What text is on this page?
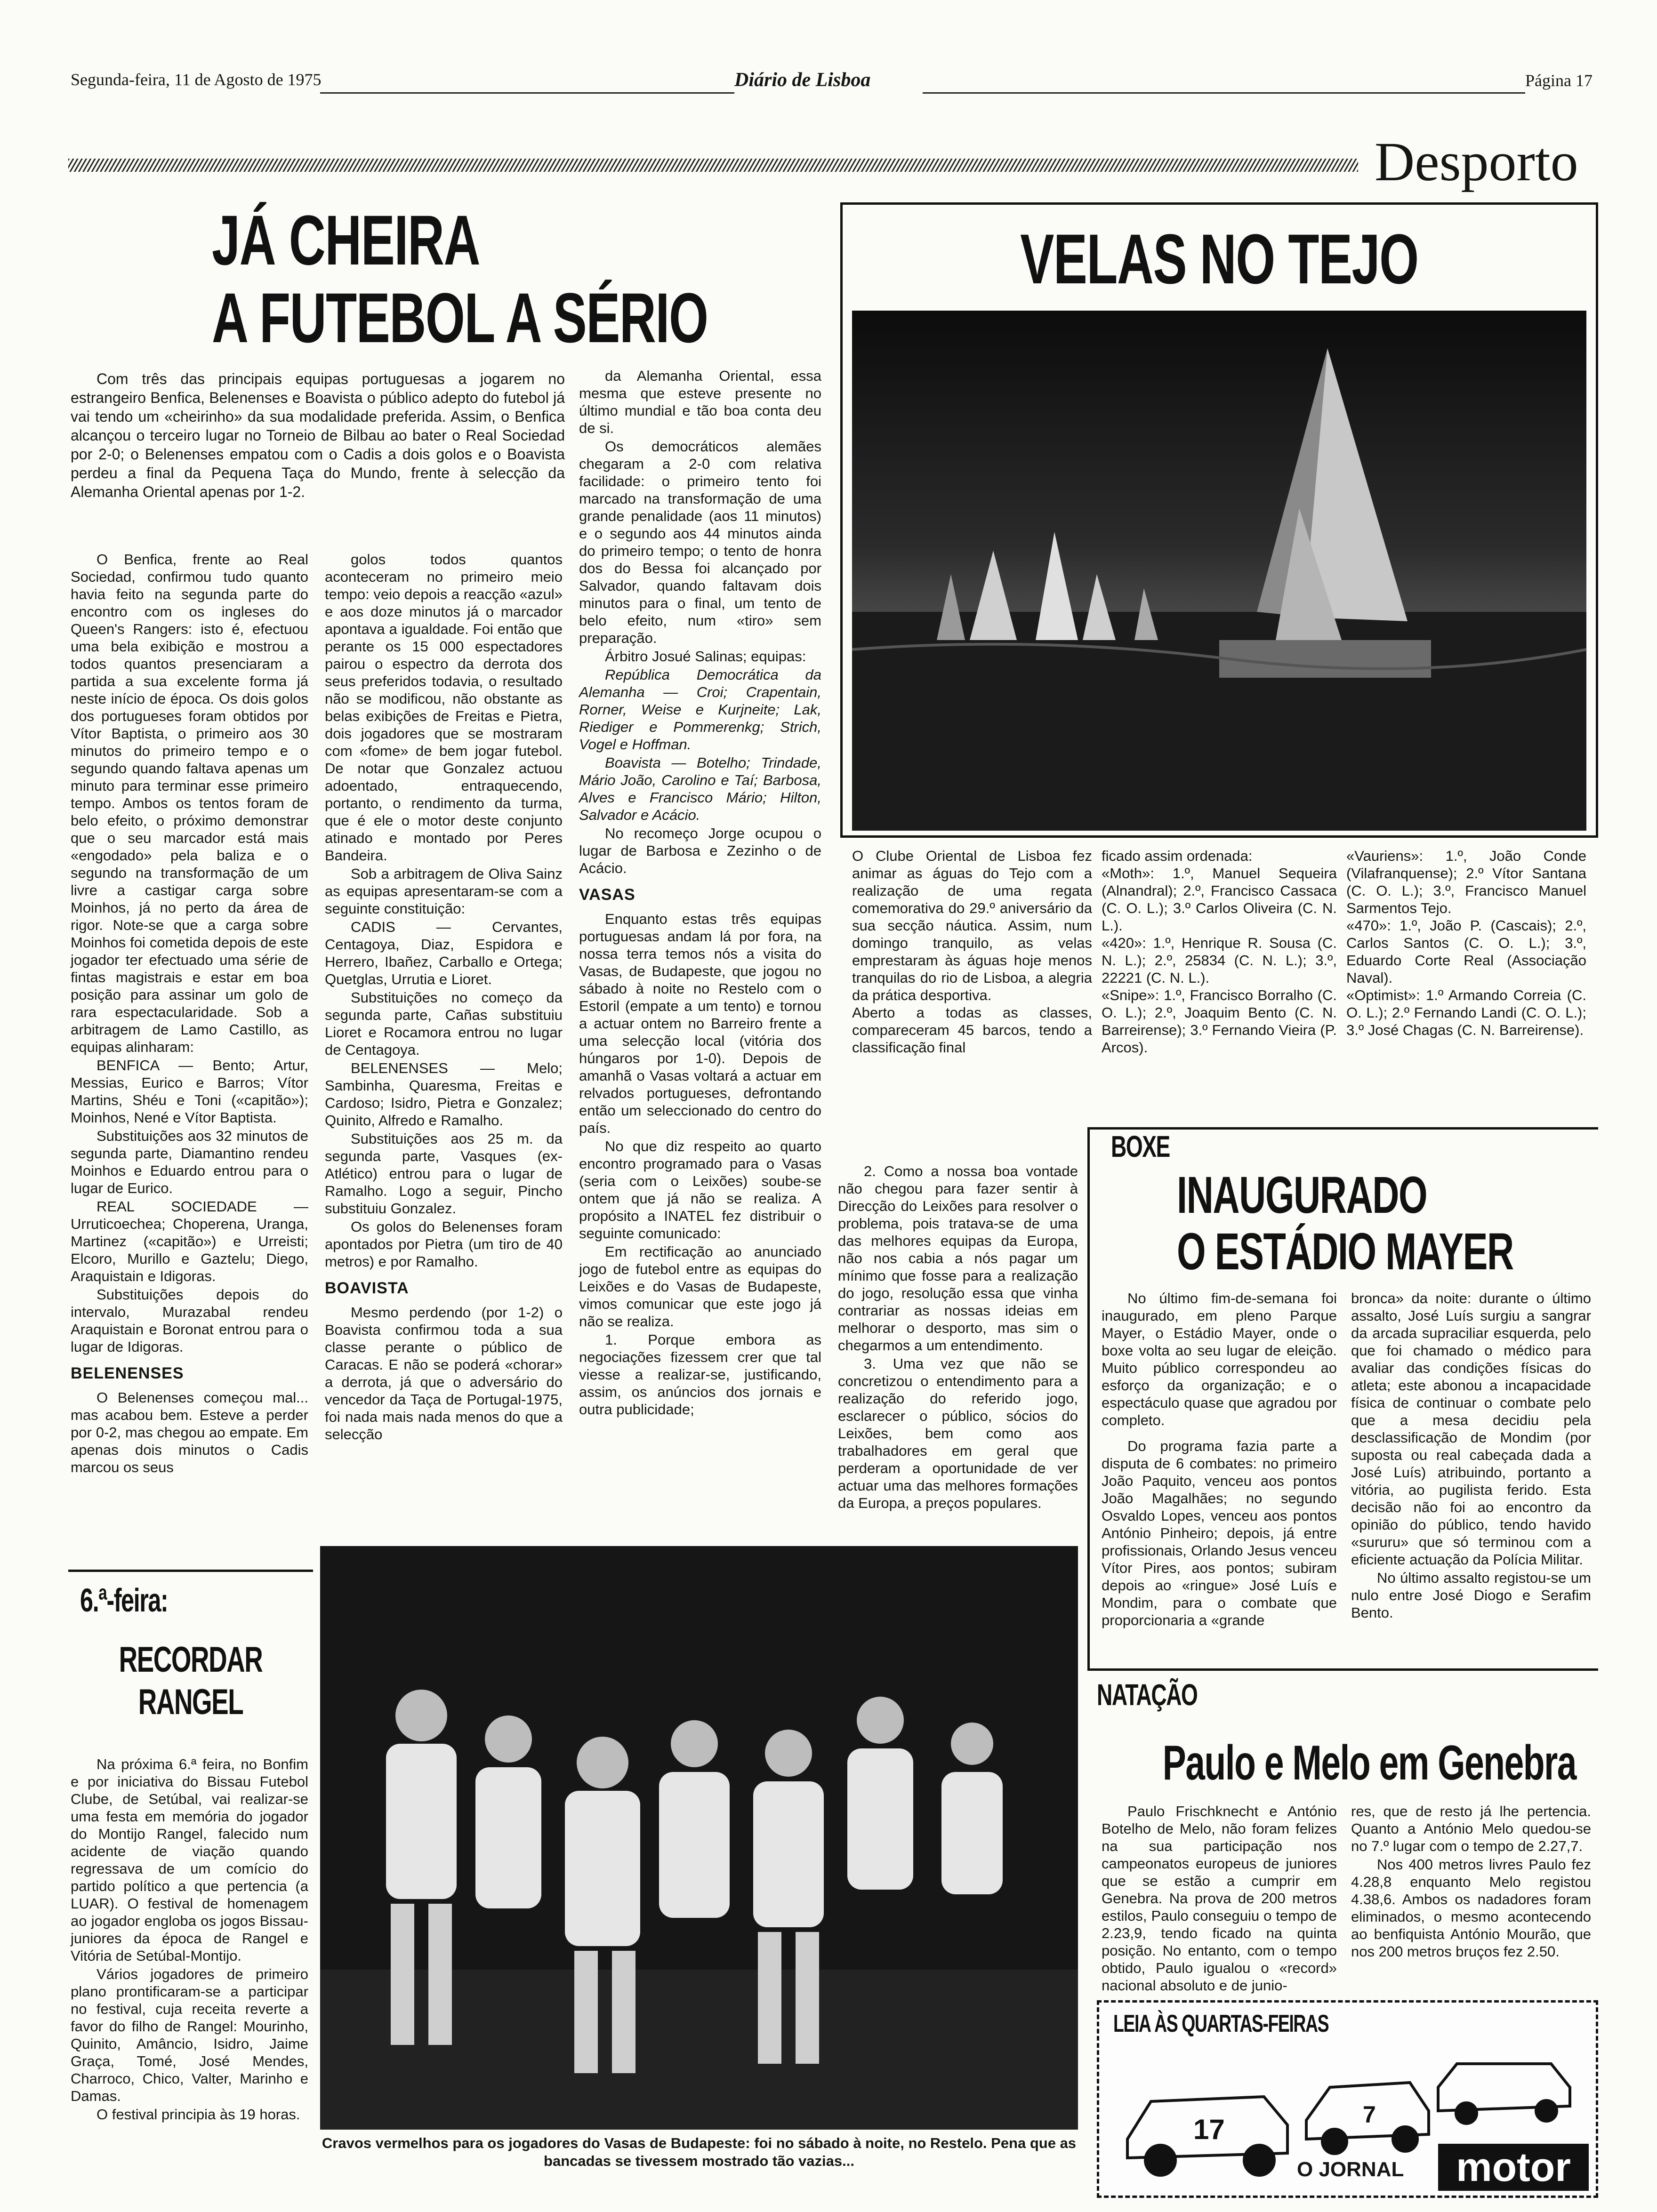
Segunda-feira, 11 de Agosto de 1975	Diário de Lisboa	Página 17
Desporto
JÁ CHEIRA
A FUTEBOL A SÉRIO

Com três das principais equipas portuguesas a jogarem no estrangeiro Benfica, Belenenses e Boavista o público adepto do futebol já vai tendo um «cheirinho» da sua modalidade preferida. Assim, o Benfica alcançou o terceiro lugar no Torneio de Bilbau ao bater o Real Sociedad por 2-0; o Belenenses empatou com o Cadis a dois golos e o Boavista perdeu a final da Pequena Taça do Mundo, frente à selecção da Alemanha Oriental apenas por 1-2.

O Benfica, frente ao Real Sociedad, confirmou tudo quanto havia feito na segunda parte do encontro com os ingleses do Queen's Rangers: isto é, efectuou uma bela exibição e mostrou a todos quantos presenciaram a partida a sua excelente forma já neste início de época. Os dois golos dos portugueses foram obtidos por Vítor Baptista, o primeiro aos 30 minutos do primeiro tempo e o segundo quando faltava apenas um minuto para terminar esse primeiro tempo. Ambos os tentos foram de belo efeito, o próximo demonstrar que o seu marcador está mais «engodado» pela baliza e o segundo na transformação de um livre a castigar carga sobre Moinhos, já no perto da área de rigor. Note-se que a carga sobre Moinhos foi cometida depois de este jogador ter efectuado uma série de fintas magistrais e estar em boa posição para assinar um golo de rara espectacularidade. Sob a arbitragem de Lamo Castillo, as equipas alinharam:

BENFICA — Bento; Artur, Messias, Eurico e Barros; Vítor Martins, Shéu e Toni («capitão»); Moinhos, Nené e Vítor Baptista.

Substituições aos 32 minutos de segunda parte, Diamantino rendeu Moinhos e Eduardo entrou para o lugar de Eurico.

REAL SOCIEDADE — Urruticoechea; Choperena, Uranga, Martinez («capitão») e Urreisti; Elcoro, Murillo e Gaztelu; Diego, Araquistain e Idigoras.

Substituições depois do intervalo, Murazabal rendeu Araquistain e Boronat entrou para o lugar de Idigoras.

BELENENSES

O Belenenses começou mal... mas acabou bem. Esteve a perder por 0-2, mas chegou ao empate. Em apenas dois minutos o Cadis marcou os seus

golos todos quantos aconteceram no primeiro meio tempo: veio depois a reacção «azul» e aos doze minutos já o marcador apontava a igualdade. Foi então que perante os 15 000 espectadores pairou o espectro da derrota dos seus preferidos todavia, o resultado não se modificou, não obstante as belas exibições de Freitas e Pietra, dois jogadores que se mostraram com «fome» de bem jogar futebol. De notar que Gonzalez actuou adoentado, entraquecendo, portanto, o rendimento da turma, que é ele o motor deste conjunto atinado e montado por Peres Bandeira.

Sob a arbitragem de Oliva Sainz as equipas apresentaram-se com a seguinte constituição:

CADIS — Cervantes, Centagoya, Diaz, Espidora e Herrero, Ibañez, Carballo e Ortega; Quetglas, Urrutia e Lioret.

Substituições no começo da segunda parte, Cañas substituiu Lioret e Rocamora entrou no lugar de Centagoya.

BELENENSES — Melo; Sambinha, Quaresma, Freitas e Cardoso; Isidro, Pietra e Gonzalez; Quinito, Alfredo e Ramalho.

Substituições aos 25 m. da segunda parte, Vasques (ex-Atlético) entrou para o lugar de Ramalho. Logo a seguir, Pincho substituiu Gonzalez.

Os golos do Belenenses foram apontados por Pietra (um tiro de 40 metros) e por Ramalho.

BOAVISTA

Mesmo perdendo (por 1-2) o Boavista confirmou toda a sua classe perante o público de Caracas. E não se poderá «chorar» a derrota, já que o adversário do vencedor da Taça de Portugal-1975, foi nada mais nada menos do que a selecção

da Alemanha Oriental, essa mesma que esteve presente no último mundial e tão boa conta deu de si.

Os democráticos alemães chegaram a 2-0 com relativa facilidade: o primeiro tento foi marcado na transformação de uma grande penalidade (aos 11 minutos) e o segundo aos 44 minutos ainda do primeiro tempo; o tento de honra dos do Bessa foi alcançado por Salvador, quando faltavam dois minutos para o final, um tento de belo efeito, num «tiro» sem preparação.

Árbitro Josué Salinas; equipas:

República Democrática da Alemanha — Croi; Crapentain, Rorner, Weise e Kurjneite; Lak, Riediger e Pommerenkg; Strich, Vogel e Hoffman.

Boavista — Botelho; Trindade, Mário João, Carolino e Taí; Barbosa, Alves e Francisco Mário; Hilton, Salvador e Acácio.

No recomeço Jorge ocupou o lugar de Barbosa e Zezinho o de Acácio.

VASAS

Enquanto estas três equipas portuguesas andam lá por fora, na nossa terra temos nós a visita do Vasas, de Budapeste, que jogou no sábado à noite no Restelo com o Estoril (empate a um tento) e tornou a actuar ontem no Barreiro frente a uma selecção local (vitória dos húngaros por 1-0). Depois de amanhã o Vasas voltará a actuar em relvados portugueses, defrontando então um seleccionado do centro do país.

No que diz respeito ao quarto encontro programado para o Vasas (seria com o Leixões) soube-se ontem que já não se realiza. A propósito a INATEL fez distribuir o seguinte comunicado:

Em rectificação ao anunciado jogo de futebol entre as equipas do Leixões e do Vasas de Budapeste, vimos comunicar que este jogo já não se realiza.

1. Porque embora as negociações fizessem crer que tal viesse a realizar-se, justificando, assim, os anúncios dos jornais e outra publicidade;

2. Como a nossa boa vontade não chegou para fazer sentir à Direcção do Leixões para resolver o problema, pois tratava-se de uma das melhores equipas da Europa, não nos cabia a nós pagar um mínimo que fosse para a realização do jogo, resolução essa que vinha contrariar as nossas ideias em melhorar o desporto, mas sim o chegarmos a um entendimento.

3. Uma vez que não se concretizou o entendimento para a realização do referido jogo, esclarecer o público, sócios do Leixões, bem como aos trabalhadores em geral que perderam a oportunidade de ver actuar uma das melhores formações da Europa, a preços populares.

VELAS NO TEJO
O Clube Oriental de Lisboa fez animar as águas do Tejo com a realização de uma regata comemorativa do 29.º aniversário da sua secção náutica. Assim, num domingo tranquilo, as velas emprestaram às águas hoje menos tranquilas do rio de Lisboa, a alegria da prática desportiva.
Aberto a todas as classes, compareceram 45 barcos, tendo a classificação final
ficado assim ordenada:
«Moth»: 1.º, Manuel Sequeira (Alnandral); 2.º, Francisco Cassaca (C. O. L.); 3.º Carlos Oliveira (C. N. L.).
«420»: 1.º, Henrique R. Sousa (C. N. L.); 2.º, 25834 (C. N. L.); 3.º, 22221 (C. N. L.).
«Snipe»: 1.º, Francisco Borralho (C. O. L.); 2.º, Joaquim Bento (C. N. Barreirense); 3.º Fernando Vieira (P. Arcos).
«Vauriens»: 1.º, João Conde (Vilafranquense); 2.º Vítor Santana (C. O. L.); 3.º, Francisco Manuel Sarmentos Tejo.
«470»: 1.º, João P. (Cascais); 2.º, Carlos Santos (C. O. L.); 3.º, Eduardo Corte Real (Associação Naval).
«Optimist»: 1.º Armando Correia (C. O. L.); 2.º Fernando Landi (C. O. L.); 3.º José Chagas (C. N. Barreirense).
6.ª-feira:
RECORDAR
RANGEL

Na próxima 6.ª feira, no Bonfim e por iniciativa do Bissau Futebol Clube, de Setúbal, vai realizar-se uma festa em memória do jogador do Montijo Rangel, falecido num acidente de viação quando regressava de um comício do partido político a que pertencia (a LUAR). O festival de homenagem ao jogador engloba os jogos Bissau-juniores da época de Rangel e Vitória de Setúbal-Montijo.

Vários jogadores de primeiro plano prontificaram-se a participar no festival, cuja receita reverte a favor do filho de Rangel: Mourinho, Quinito, Amâncio, Isidro, Jaime Graça, Tomé, José Mendes, Charroco, Chico, Valter, Marinho e Damas.

O festival principia às 19 horas.

Cravos vermelhos para os jogadores do Vasas de Budapeste: foi no sábado à noite, no Restelo. Pena que as bancadas se tivessem mostrado tão vazias...
BOXE
INAUGURADO
O ESTÁDIO MAYER

No último fim-de-semana foi inaugurado, em pleno Parque Mayer, o Estádio Mayer, onde o boxe volta ao seu lugar de eleição. Muito público correspondeu ao esforço da organização; e o espectáculo quase que agradou por completo.

Do programa fazia parte a disputa de 6 combates: no primeiro João Paquito, venceu aos pontos João Magalhães; no segundo Osvaldo Lopes, venceu aos pontos António Pinheiro; depois, já entre profissionais, Orlando Jesus venceu Vítor Pires, aos pontos; subiram depois ao «ringue» José Luís e Mondim, para o combate que proporcionaria a «grande

bronca» da noite: durante o último assalto, José Luís surgiu a sangrar da arcada supraciliar esquerda, pelo que foi chamado o médico para avaliar das condições físicas do atleta; este abonou a incapacidade física de continuar o combate pelo que a mesa decidiu pela desclassificação de Mondim (por suposta ou real cabeçada dada a José Luís) atribuindo, portanto a vitória, ao pugilista ferido. Esta decisão não foi ao encontro da opinião do público, tendo havido «sururu» que só terminou com a eficiente actuação da Polícia Militar.

No último assalto registou-se um nulo entre José Diogo e Serafim Bento.

NATAÇÃO
Paulo e Melo em Genebra

Paulo Frischknecht e António Botelho de Melo, não foram felizes na sua participação nos campeonatos europeus de juniores que se estão a cumprir em Genebra. Na prova de 200 metros estilos, Paulo conseguiu o tempo de 2.23,9, tendo ficado na quinta posição. No entanto, com o tempo obtido, Paulo igualou o «record» nacional absoluto e de junio-

res, que de resto já lhe pertencia. Quanto a António Melo quedou-se no 7.º lugar com o tempo de 2.27,7.

Nos 400 metros livres Paulo fez 4.28,8 enquanto Melo registou 4.38,6. Ambos os nadadores foram eliminados, o mesmo acontecendo ao benfiquista António Mourão, que nos 200 metros bruços fez 2.50.

LEIA ÀS QUARTAS-FEIRAS
17	7
O JORNAL	motor
